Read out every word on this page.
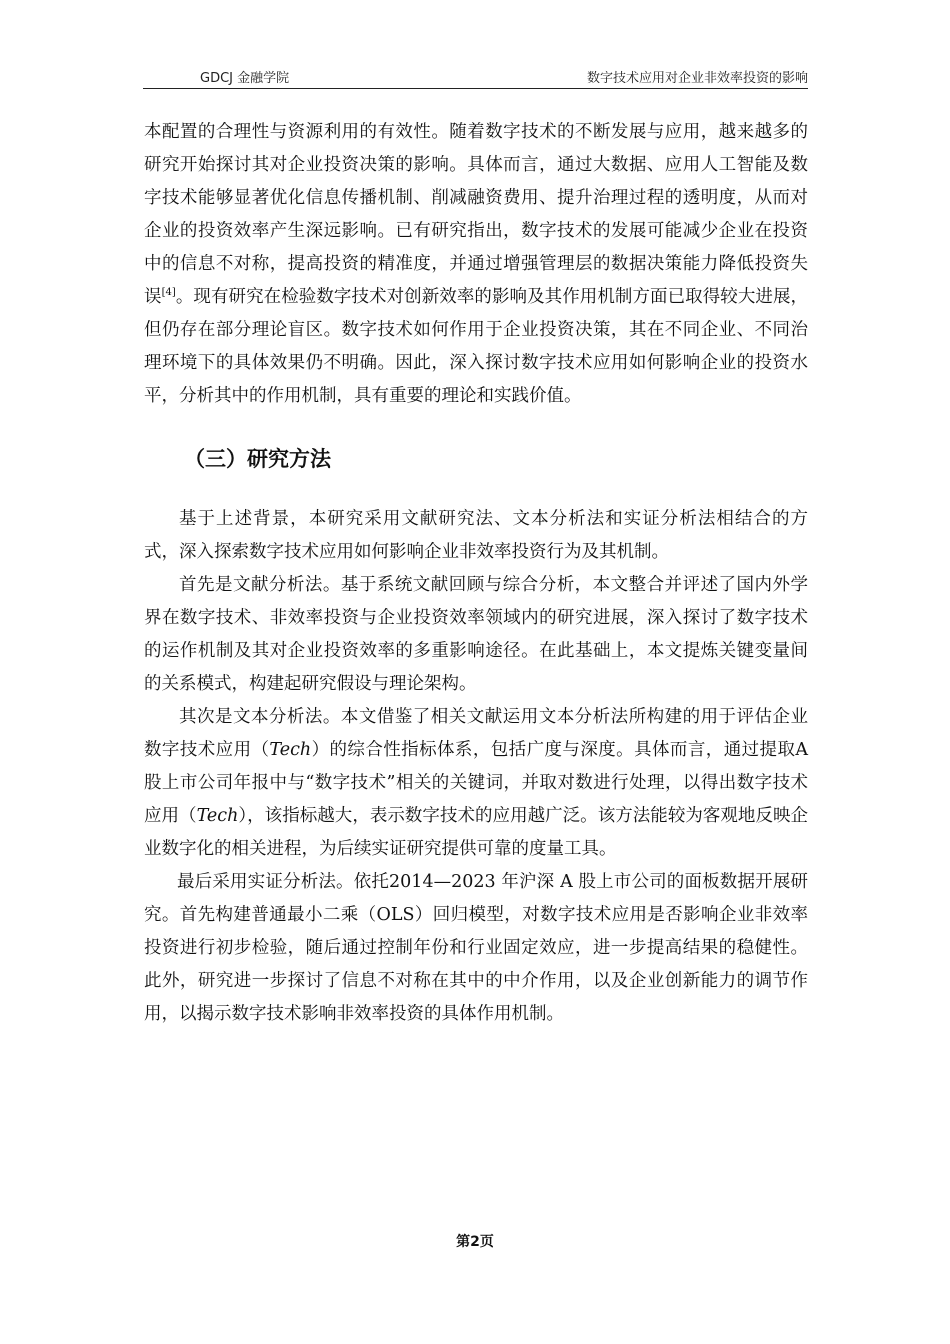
GDCJ 金融学院	数字技术应用对企业非效率投资的影响

本配置的合理性与资源利用的有效性。随着数字技术的不断发展与应用，越来越多的研究开始探讨其对企业投资决策的影响。具体而言，通过大数据、应用人工智能及数字技术能够显著优化信息传播机制、削减融资费用、提升治理过程的透明度，从而对企业的投资效率产生深远影响。已有研究指出，数字技术的发展可能减少企业在投资中的信息不对称，提高投资的精准度，并通过增强管理层的数据决策能力降低投资失误[4]。现有研究在检验数字技术对创新效率的影响及其作用机制方面已取得较大进展，但仍存在部分理论盲区。数字技术如何作用于企业投资决策，其在不同企业、不同治理环境下的具体效果仍不明确。因此，深入探讨数字技术应用如何影响企业的投资水平，分析其中的作用机制，具有重要的理论和实践价值。

（三）研究方法

基于上述背景，本研究采用文献研究法、文本分析法和实证分析法相结合的方式，深入探索数字技术应用如何影响企业非效率投资行为及其机制。

首先是文献分析法。基于系统文献回顾与综合分析，本文整合并评述了国内外学界在数字技术、非效率投资与企业投资效率领域内的研究进展，深入探讨了数字技术的运作机制及其对企业投资效率的多重影响途径。在此基础上，本文提炼关键变量间的关系模式，构建起研究假设与理论架构。

其次是文本分析法。本文借鉴了相关文献运用文本分析法所构建的用于评估企业数字技术应用（Tech）的综合性指标体系，包括广度与深度。具体而言，通过提取A股上市公司年报中与“数字技术”相关的关键词，并取对数进行处理，以得出数字技术应用（Tech），该指标越大，表示数字技术的应用越广泛。该方法能较为客观地反映企业数字化的相关进程，为后续实证研究提供可靠的度量工具。

最后采用实证分析法。依托2014—2023 年沪深 A 股上市公司的面板数据开展研究。首先构建普通最小二乘（OLS）回归模型，对数字技术应用是否影响企业非效率投资进行初步检验，随后通过控制年份和行业固定效应，进一步提高结果的稳健性。此外，研究进一步探讨了信息不对称在其中的中介作用，以及企业创新能力的调节作用，以揭示数字技术影响非效率投资的具体作用机制。

第2页
